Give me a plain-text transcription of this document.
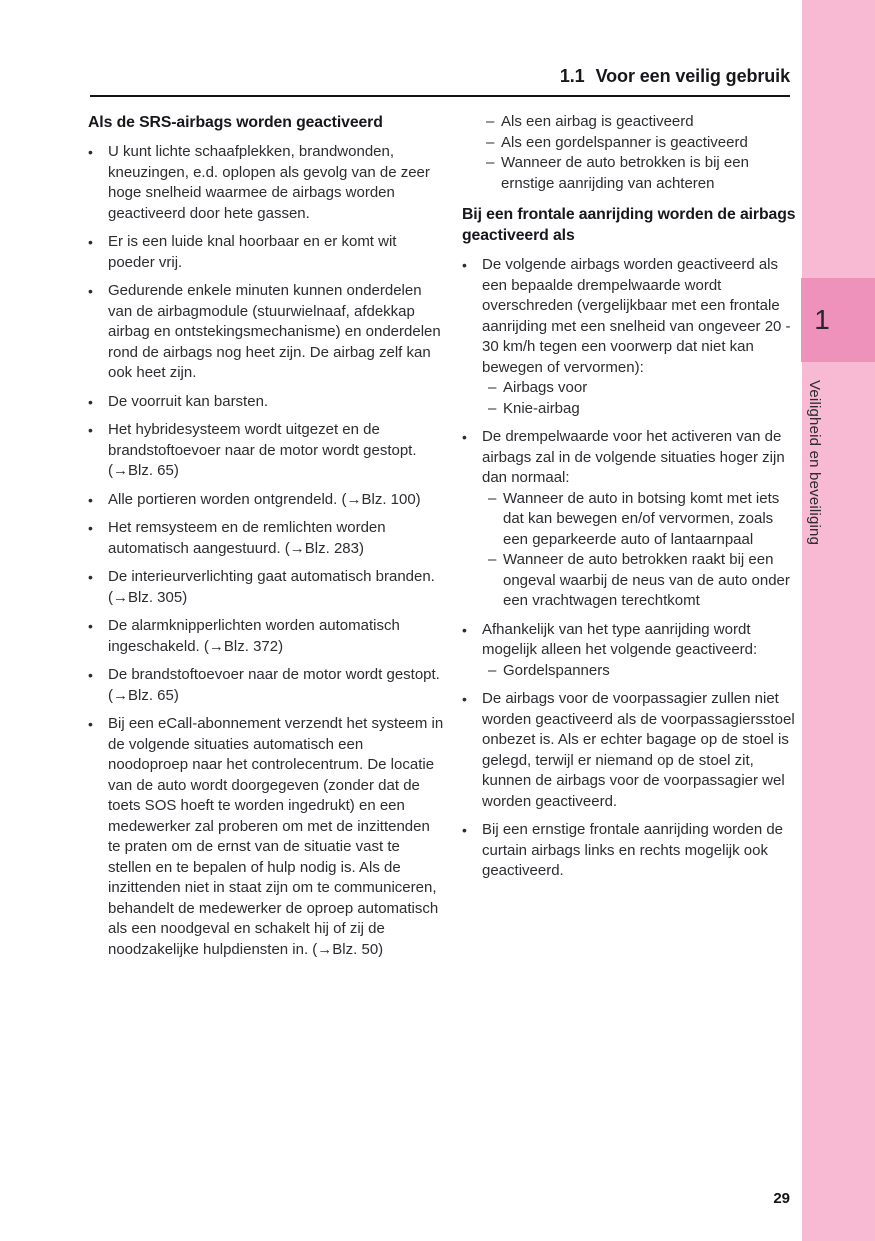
1
Veiligheid en beveiliging
1.1 Voor een veilig gebruik
Als de SRS-airbags worden geactiveerd
•	U kunt lichte schaafplekken, brandwonden, kneuzingen, e.d. oplopen als gevolg van de zeer hoge snelheid waarmee de airbags worden geactiveerd door hete gassen.
•	Er is een luide knal hoorbaar en er komt wit poeder vrij.
•	Gedurende enkele minuten kunnen onderdelen van de airbagmodule (stuurwielnaaf, afdekkap airbag en ontstekingsmechanisme) en onderdelen rond de airbags nog heet zijn. De airbag zelf kan ook heet zijn.
•	De voorruit kan barsten.
•	Het hybridesysteem wordt uitgezet en de brandstoftoevoer naar de motor wordt gestopt. (→Blz. 65)
•	Alle portieren worden ontgrendeld. (→Blz. 100)
•	Het remsysteem en de remlichten worden automatisch aangestuurd. (→Blz. 283)
•	De interieurverlichting gaat automatisch branden. (→Blz. 305)
•	De alarmknipperlichten worden automatisch ingeschakeld. (→Blz. 372)
•	De brandstoftoevoer naar de motor wordt gestopt. (→Blz. 65)
•	Bij een eCall-abonnement verzendt het systeem in de volgende situaties automatisch een noodoproep naar het controlecentrum. De locatie van de auto wordt doorgegeven (zonder dat de toets SOS hoeft te worden ingedrukt) en een medewerker zal proberen om met de inzittenden te praten om de ernst van de situatie vast te stellen en te bepalen of hulp nodig is. Als de inzittenden niet in staat zijn om te communiceren, behandelt de medewerker de oproep automatisch als een noodgeval en schakelt hij of zij de noodzakelijke hulpdiensten in. (→Blz. 50)
– Als een airbag is geactiveerd
– Als een gordelspanner is geactiveerd
– Wanneer de auto betrokken is bij een ernstige aanrijding van achteren
Bij een frontale aanrijding worden de airbags geactiveerd als
•	De volgende airbags worden geactiveerd als een bepaalde drempelwaarde wordt overschreden (vergelijkbaar met een frontale aanrijding met een snelheid van ongeveer 20 - 30 km/h tegen een voorwerp dat niet kan bewegen of vervormen):
– Airbags voor
– Knie-airbag
•	De drempelwaarde voor het activeren van de airbags zal in de volgende situaties hoger zijn dan normaal:
– Wanneer de auto in botsing komt met iets dat kan bewegen en/of vervormen, zoals een geparkeerde auto of lantaarnpaal
– Wanneer de auto betrokken raakt bij een ongeval waarbij de neus van de auto onder een vrachtwagen terechtkomt
•	Afhankelijk van het type aanrijding wordt mogelijk alleen het volgende geactiveerd:
– Gordelspanners
•	De airbags voor de voorpassagier zullen niet worden geactiveerd als de voorpassagiersstoel onbezet is. Als er echter bagage op de stoel is gelegd, terwijl er niemand op de stoel zit, kunnen de airbags voor de voorpassagier wel worden geactiveerd.
•	Bij een ernstige frontale aanrijding worden de curtain airbags links en rechts mogelijk ook geactiveerd.
29
